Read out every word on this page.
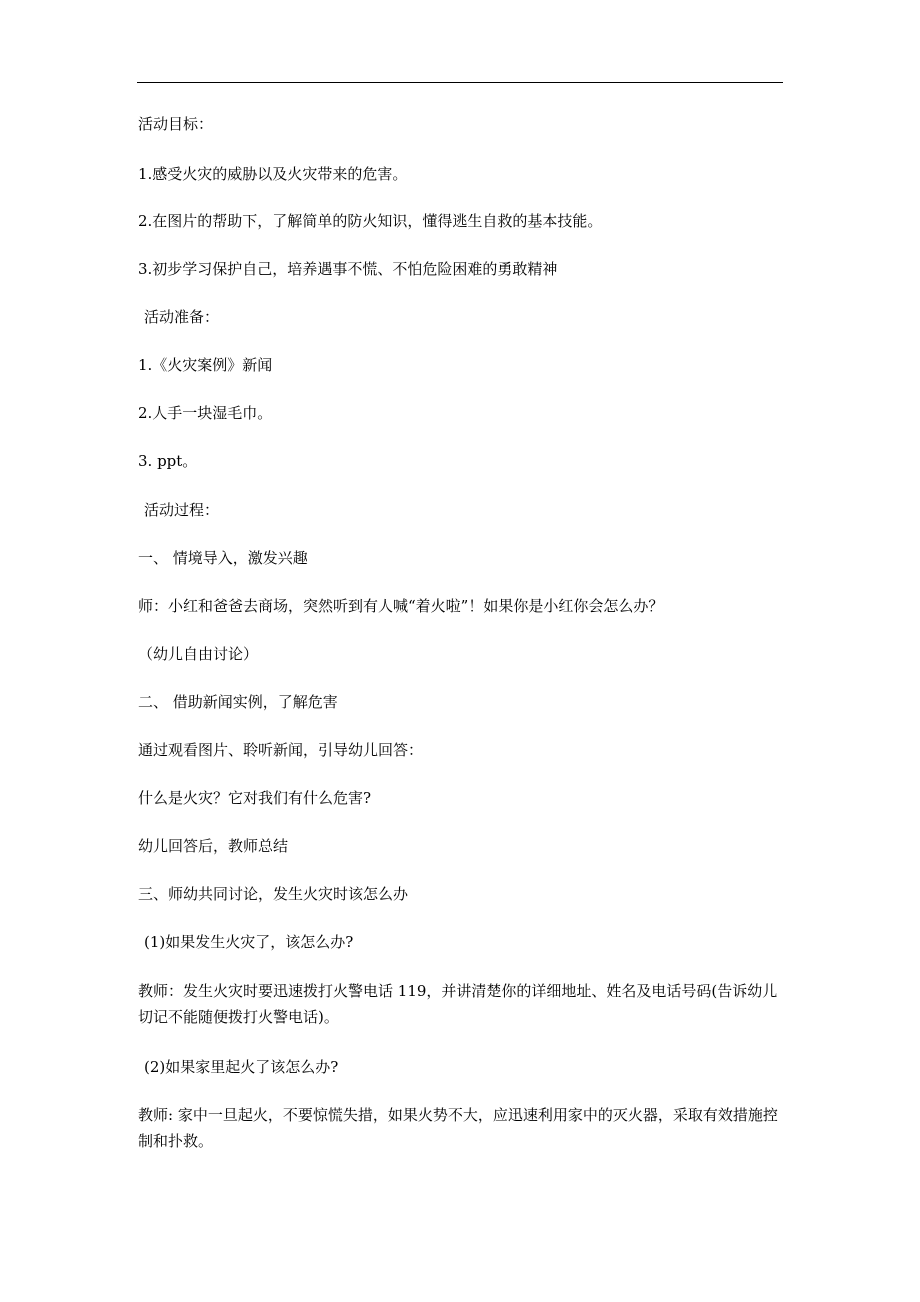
活动目标：
1.感受火灾的威胁以及火灾带来的危害。
2.在图片的帮助下，了解简单的防火知识，懂得逃生自救的基本技能。
3.初步学习保护自己，培养遇事不慌、不怕危险困难的勇敢精神
活动准备：
1.《火灾案例》新闻
2.人手一块湿毛巾。
3. ppt。
活动过程：
一、 情境导入，激发兴趣
师：小红和爸爸去商场，突然听到有人喊“着火啦”！如果你是小红你会怎么办？
（幼儿自由讨论）
二、 借助新闻实例，了解危害
通过观看图片、聆听新闻，引导幼儿回答：
什么是火灾？它对我们有什么危害?
幼儿回答后，教师总结
三、师幼共同讨论，发生火灾时该怎么办
(1)如果发生火灾了，该怎么办?
教师：发生火灾时要迅速拨打火警电话 119，并讲清楚你的详细地址、姓名及电话号码(告诉幼儿切记不能随便拨打火警电话)。
(2)如果家里起火了该怎么办?
教师: 家中一旦起火，不要惊慌失措，如果火势不大，应迅速利用家中的灭火器，采取有效措施控制和扑救。
